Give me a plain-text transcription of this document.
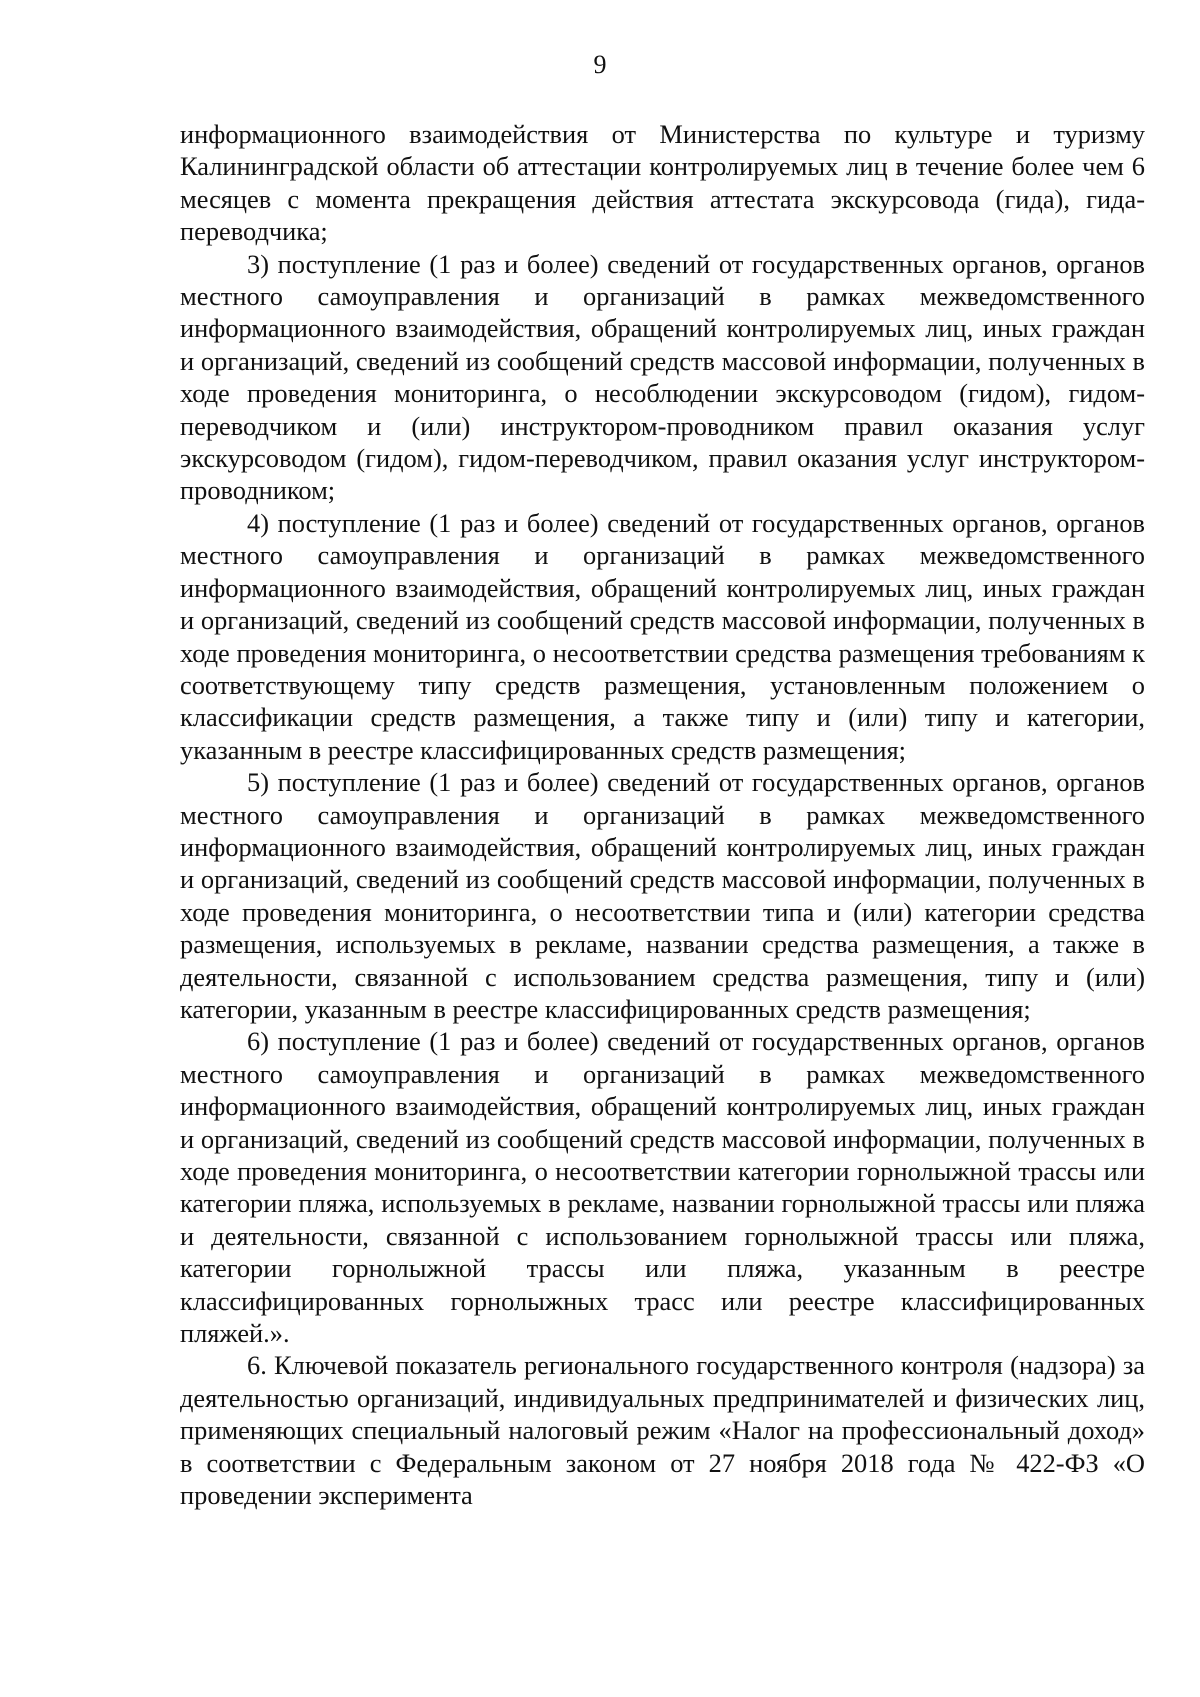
9

информационного взаимодействия от Министерства по культуре и туризму Калининградской области об аттестации контролируемых лиц в течение более чем 6 месяцев с момента прекращения действия аттестата экскурсовода (гида), гида-переводчика;

3) поступление (1 раз и более) сведений от государственных органов, органов местного самоуправления и организаций в рамках межведомственного информационного взаимодействия, обращений контролируемых лиц, иных граждан и организаций, сведений из сообщений средств массовой информации, полученных в ходе проведения мониторинга, о несоблюдении экскурсоводом (гидом), гидом-переводчиком и (или) инструктором-проводником правил оказания услуг экскурсоводом (гидом), гидом-переводчиком, правил оказания услуг инструктором-проводником;

4) поступление (1 раз и более) сведений от государственных органов, органов местного самоуправления и организаций в рамках межведомственного информационного взаимодействия, обращений контролируемых лиц, иных граждан и организаций, сведений из сообщений средств массовой информации, полученных в ходе проведения мониторинга, о несоответствии средства размещения требованиям к соответствующему типу средств размещения, установленным положением о классификации средств размещения, а также типу и (или) типу и категории, указанным в реестре классифицированных средств размещения;

5) поступление (1 раз и более) сведений от государственных органов, органов местного самоуправления и организаций в рамках межведомственного информационного взаимодействия, обращений контролируемых лиц, иных граждан и организаций, сведений из сообщений средств массовой информации, полученных в ходе проведения мониторинга, о несоответствии типа и (или) категории средства размещения, используемых в рекламе, названии средства размещения, а также в деятельности, связанной с использованием средства размещения, типу и (или) категории, указанным в реестре классифицированных средств размещения;

6) поступление (1 раз и более) сведений от государственных органов, органов местного самоуправления и организаций в рамках межведомственного информационного взаимодействия, обращений контролируемых лиц, иных граждан и организаций, сведений из сообщений средств массовой информации, полученных в ходе проведения мониторинга, о несоответствии категории горнолыжной трассы или категории пляжа, используемых в рекламе, названии горнолыжной трассы или пляжа и деятельности, связанной с использованием горнолыжной трассы или пляжа, категории горнолыжной трассы или пляжа, указанным в реестре классифицированных горнолыжных трасс или реестре классифицированных пляжей.».

6. Ключевой показатель регионального государственного контроля (надзора) за деятельностью организаций, индивидуальных предпринимателей и физических лиц, применяющих специальный налоговый режим «Налог на профессиональный доход» в соответствии с Федеральным законом от 27 ноября 2018 года № 422-ФЗ «О проведении эксперимента
